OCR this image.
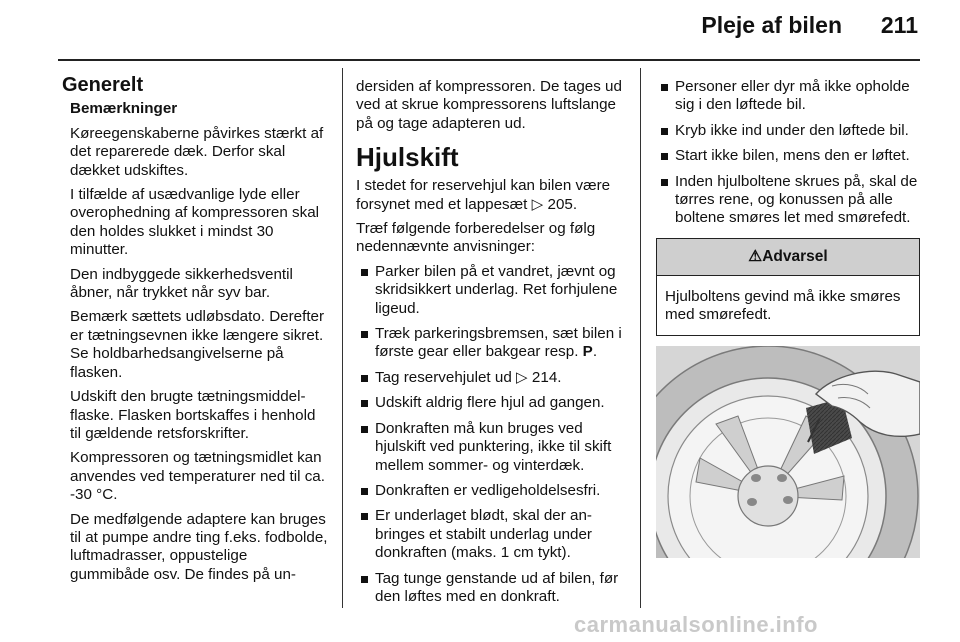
Pleje af bilen 211
Generelt

Bemærkninger

Køreegenskaberne påvirkes stærkt af det reparerede dæk. Derfor skal dækket udskiftes.

I tilfælde af usædvanlige lyde eller overophedning af kompressoren skal den holdes slukket i mindst 30 minutter.

Den indbyggede sikkerhedsventil åbner, når trykket når syv bar.

Bemærk sættets udløbsdato. Derefter er tætningsevnen ikke længere sikret. Se holdbarhedsangivelserne på flasken.

Udskift den brugte tætningsmiddelflaske. Flasken bortskaffes i henhold til gældende retsforskrifter.

Kompressoren og tætningsmidlet kan anvendes ved temperaturer ned til ca. -30 °C.

De medfølgende adaptere kan bruges til at pumpe andre ting f.eks. fodbolde, luftmadrasser, oppustelige gummibåde osv. De findes på un-

dersiden af kompressoren. De tages ud ved at skrue kompressorens luftslange på og tage adapteren ud.

Hjulskift

I stedet for reservehjul kan bilen være forsynet med et lappesæt ▷ 205.

Træf følgende forberedelser og følg nedennævnte anvisninger:

Parker bilen på et vandret, jævnt og skridsikkert underlag. Ret forhjulene ligeud.
Træk parkeringsbremsen, sæt bilen i første gear eller bakgear resp. P.
Tag reservehjulet ud ▷ 214.
Udskift aldrig flere hjul ad gangen.
Donkraften må kun bruges ved hjulskift ved punktering, ikke til skift mellem sommer- og vinterdæk.
Donkraften er vedligeholdelsesfri.
Er underlaget blødt, skal der anbringes et stabilt underlag under donkraften (maks. 1 cm tykt).
Tag tunge genstande ud af bilen, før den løftes med en donkraft.
Personer eller dyr må ikke opholde sig i den løftede bil.
Kryb ikke ind under den løftede bil.
Start ikke bilen, mens den er løftet.
Inden hjulboltene skrues på, skal de tørres rene, og konussen på alle boltene smøres let med smørefedt.
⚠Advarsel
Hjulboltens gevind må ikke smøres med smørefedt.
carmanualsonline.info
